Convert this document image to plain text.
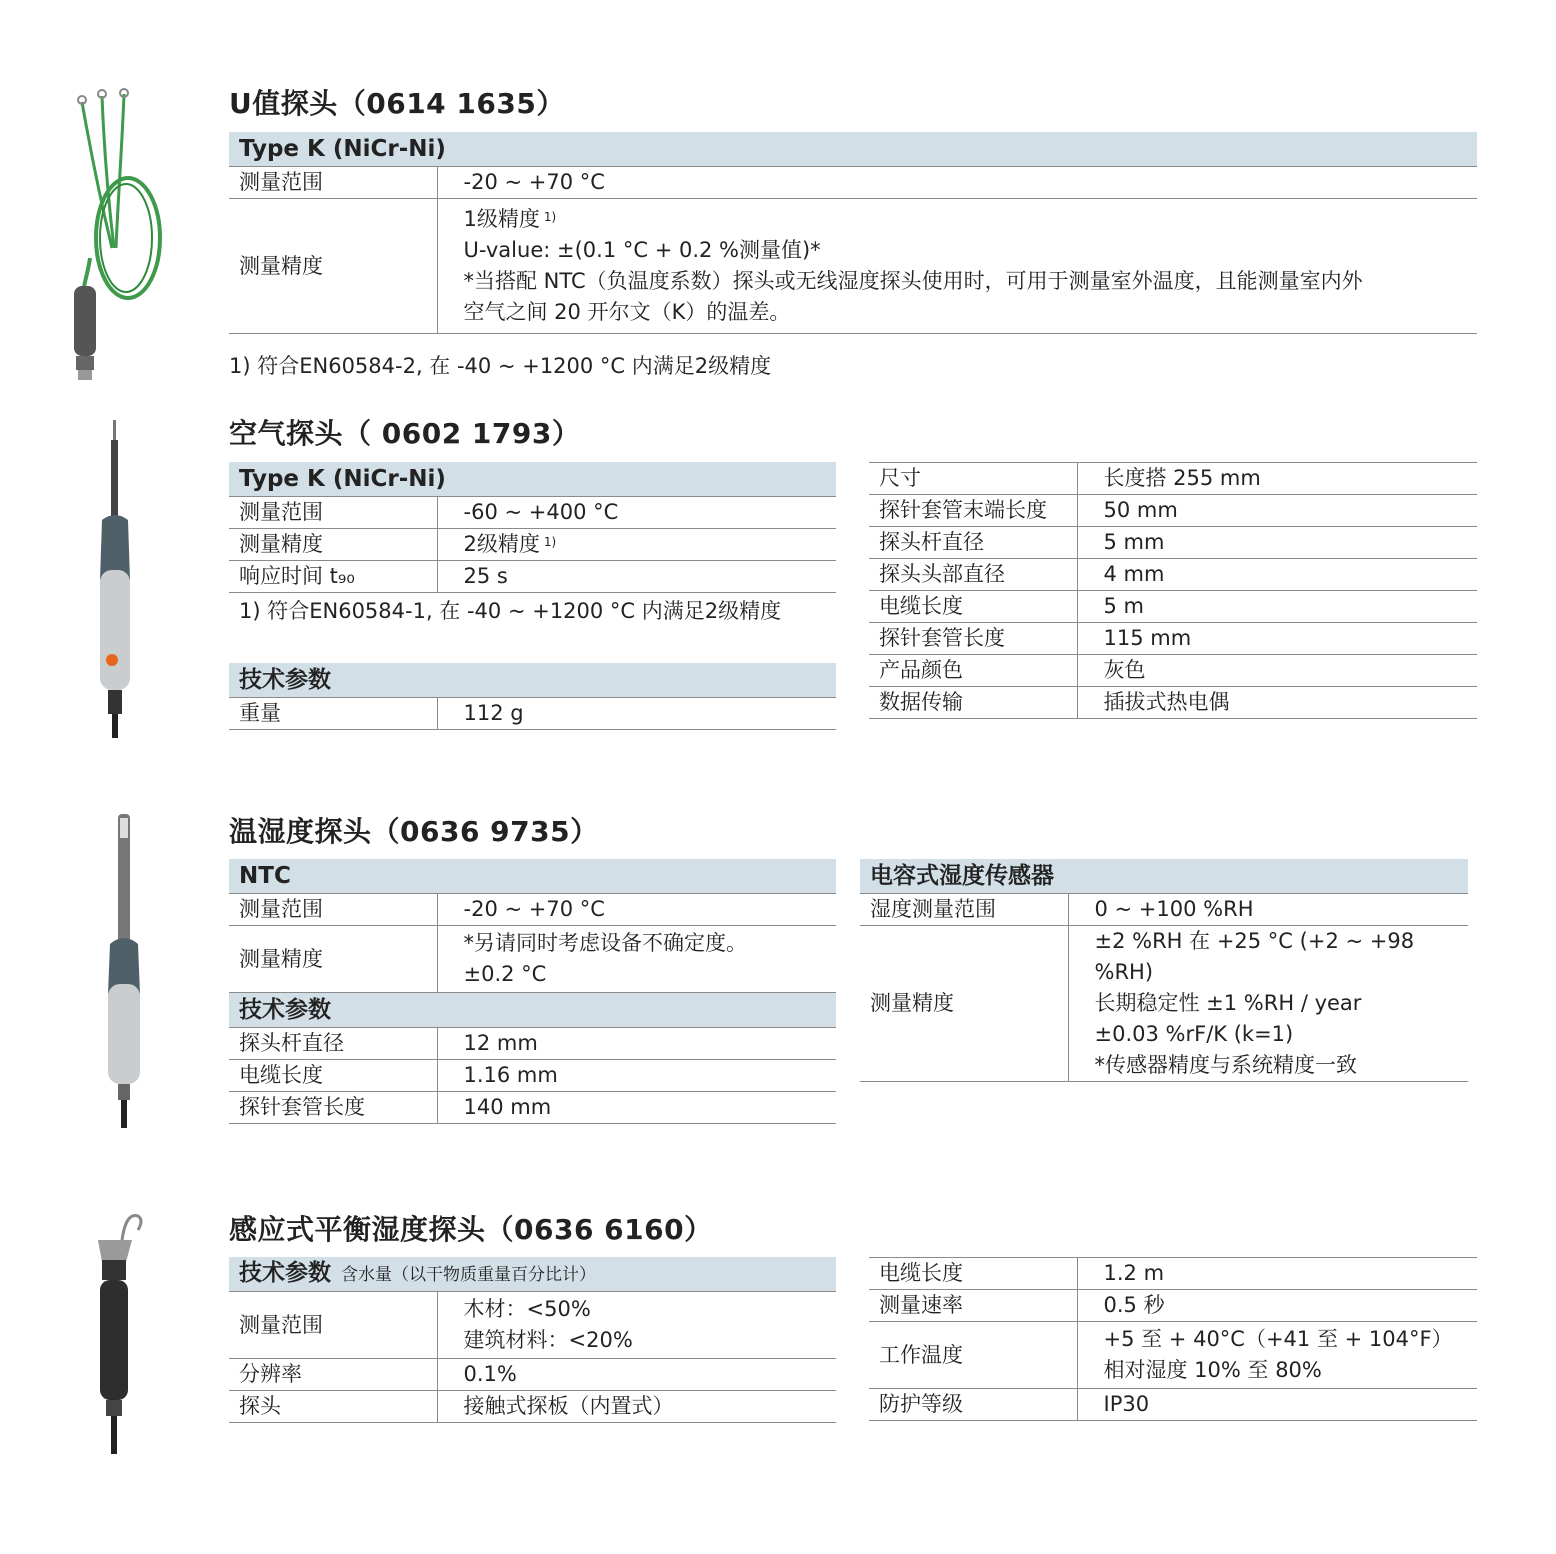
U值探头（0614 1635）
Type K (NiCr-Ni)	
测量范围	-20 ~ +70 °C
测量精度	1级精度 $^{1)}$
U-value: ±(0.1 °C + 0.2 %测量值)*
*当搭配 NTC（负温度系数）探头或无线湿度探头使用时，可用于测量室外温度，且能测量室内外
空气之间 20 开尔文（K）的温差。
1) 符合EN60584-2, 在 -40 ~ +1200 °C 内满足2级精度
空气探头（ 0602 1793）
Type K (NiCr-Ni)	
测量范围	-60 ~ +400 °C
测量精度	2级精度 $^{1)}$
响应时间 t₉₀	25 s
1) 符合EN60584-1, 在 -40 ~ +1200 °C 内满足2级精度	

技术参数	
重量	112 g
尺寸	长度搭 255 mm
探针套管末端长度	50 mm
探头杆直径	5 mm
探头头部直径	4 mm
电缆长度	5 m
探针套管长度	115 mm
产品颜色	灰色
数据传输	插拔式热电偶
温湿度探头（0636 9735）
NTC	
测量范围	-20 ~ +70 °C
测量精度	*另请同时考虑设备不确定度。
±0.2 °C

技术参数	
探头杆直径	12 mm
电缆长度	1.16 mm
探针套管长度	140 mm
电容式湿度传感器	
湿度测量范围	0 ~ +100 %RH
测量精度	±2 %RH 在 +25 °C (+2 ~ +98 %RH)
长期稳定性 ±1 %RH / year
±0.03 %rF/K (k=1)
*传感器精度与系统精度一致
感应式平衡湿度探头（0636 6160）
技术参数 含水量（以干物质重量百分比计）	
测量范围	木材：<50%
建筑材料：<20%

分辨率	0.1%
探头	接触式探板（内置式）
电缆长度	1.2 m
测量速率	0.5 秒
工作温度	+5 至 + 40°C（+41 至 + 104°F）
相对湿度 10% 至 80%

防护等级	IP30
